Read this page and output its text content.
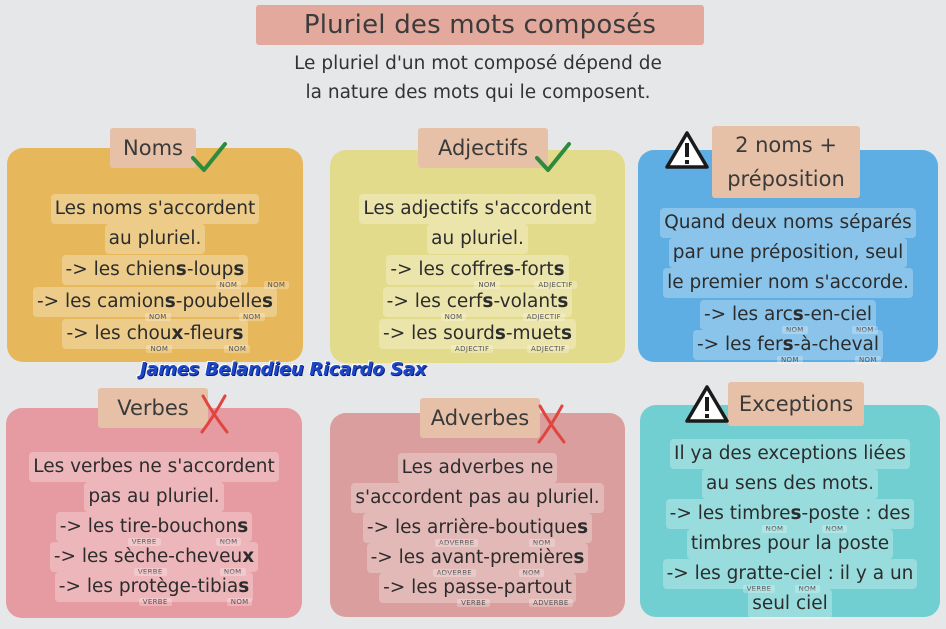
Pluriel des mots composés
Le pluriel d'un mot composé dépend de
la nature des mots qui le composent.
Les noms s'accordent
au pluriel.
-> les chiens-loups
NOM	NOM
-> les camions-poubelles
NOM	NOM
-> les choux-fleurs
NOM	NOM
Noms
Les adjectifs s'accordent
au pluriel.
-> les coffres-forts
NOM	ADJECTIF
-> les cerfs-volants
NOM	ADJECTIF
-> les sourds-muets
ADJECTIF	ADJECTIF
Adjectifs
Quand deux noms séparés
par une préposition, seul
le premier nom s'accorde.
-> les arcs-en-ciel
NOM	NOM
-> les fers-à-cheval
NOM	NOM
2 noms +
préposition
Les verbes ne s'accordent
pas au pluriel.
-> les tire-bouchons
VERBE	NOM
-> les sèche-cheveux
VERBE	NOM
-> les protège-tibias
VERBE	NOM
Verbes
Les adverbes ne
s'accordent pas au pluriel.
-> les arrière-boutiques
ADVERBE	NOM
-> les avant-premières
ADVERBE	NOM
-> les passe-partout
VERBE	ADVERBE
Adverbes
Il ya des exceptions liées
au sens des mots.
-> les timbres-poste : des
NOM	NOM
timbres pour la poste
-> les gratte-ciel : il y a un
VERBE	NOM
seul ciel
Exceptions
James Belandieu Ricardo Sax
